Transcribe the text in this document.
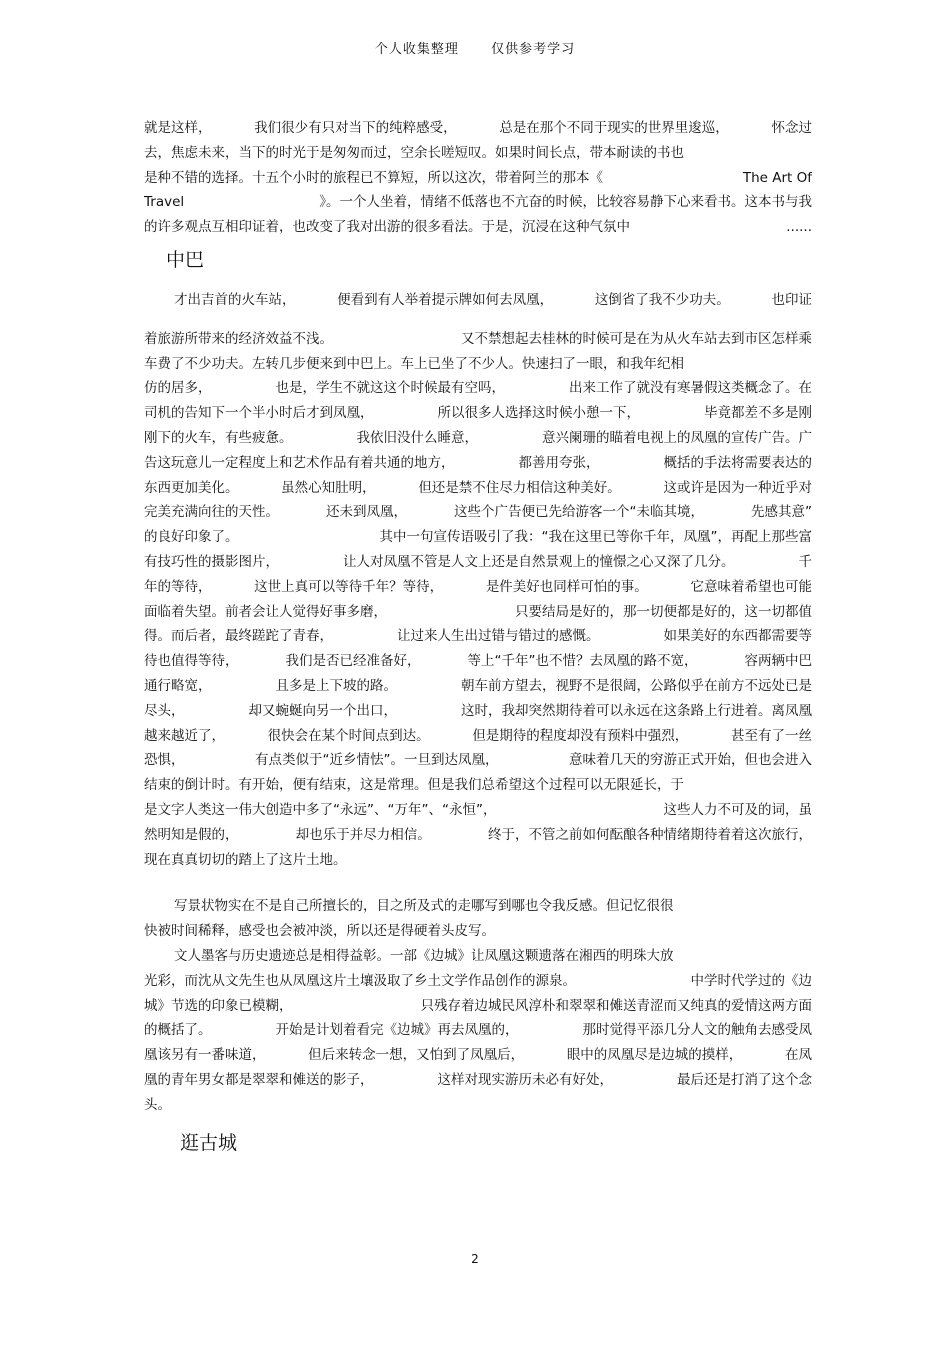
个人收集整理 仅供参考学习
就是这样，	我们很少有只对当下的纯粹感受，	总是在那个不同于现实的世界里逡巡，	怀念过
去，焦虑未来，当下的时光于是匆匆而过，空余长嗟短叹。如果时间长点，带本耐读的书也
是种不错的选择。十五个小时的旅程已不算短，所以这次，带着阿兰的那本《	The Art Of
Travel	》。一个人坐着，情绪不低落也不亢奋的时候，比较容易静下心来看书。这本书与我
的许多观点互相印证着，也改变了我对出游的很多看法。于是，沉浸在这种气氛中	......
中巴
才出吉首的火车站，	便看到有人举着提示牌如何去凤凰，	这倒省了我不少功夫。	也印证
着旅游所带来的经济效益不浅。	又不禁想起去桂林的时候可是在为从火车站去到市区怎样乘
车费了不少功夫。左转几步便来到中巴上。车上已坐了不少人。快速扫了一眼，和我年纪相
仿的居多，	也是，学生不就这这个时候最有空吗，	出来工作了就没有寒暑假这类概念了。在
司机的告知下一个半小时后才到凤凰，	所以很多人选择这时候小憩一下，	毕竟都差不多是刚
刚下的火车，有些疲惫。	我依旧没什么睡意，	意兴阑珊的瞄着电视上的凤凰的宣传广告。广
告这玩意儿一定程度上和艺术作品有着共通的地方，	都善用夸张，	概括的手法将需要表达的
东西更加美化。	虽然心知肚明，	但还是禁不住尽力相信这种美好。	这或许是因为一种近乎对
完美充满向往的天性。	还未到凤凰，	这些个广告便已先给游客一个“未临其境，	先感其意”
的良好印象了。	其中一句宣传语吸引了我：“我在这里已等你千年，凤凰”，再配上那些富
有技巧性的摄影图片，	让人对凤凰不管是人文上还是自然景观上的憧憬之心又深了几分。	千
年的等待，	这世上真可以等待千年？等待，	是件美好也同样可怕的事。	它意味着希望也可能
面临着失望。前者会让人觉得好事多磨，	只要结局是好的，那一切便都是好的，这一切都值
得。而后者，最终蹉跎了青春，	让过来人生出过错与错过的感慨。	如果美好的东西都需要等
待也值得等待，	我们是否已经准备好，	等上“千年”也不惜？去凤凰的路不宽，	容两辆中巴
通行略宽，	且多是上下坡的路。	朝车前方望去，视野不是很阔，公路似乎在前方不远处已是
尽头，	却又蜿蜒向另一个出口，	这时，我却突然期待着可以永远在这条路上行进着。离凤凰
越来越近了，	很快会在某个时间点到达。	但是期待的程度却没有预料中强烈，	甚至有了一丝
恐惧，	有点类似于“近乡情怯”。一旦到达凤凰，	意味着几天的穷游正式开始，但也会进入
结束的倒计时。有开始，便有结束，这是常理。但是我们总希望这个过程可以无限延长，于
是文字人类这一伟大创造中多了“永远”、“万年”、“永恒”，	这些人力不可及的词，虽
然明知是假的，	却也乐于并尽力相信。	终于，不管之前如何酝酿各种情绪期待着着这次旅行，
现在真真切切的踏上了这片土地。
写景状物实在不是自己所擅长的，目之所及式的走哪写到哪也令我反感。但记忆很很
快被时间稀释，感受也会被冲淡，所以还是得硬着头皮写。
文人墨客与历史遗迹总是相得益彰。一部《边城》让凤凰这颗遗落在湘西的明珠大放
光彩，而沈从文先生也从凤凰这片土壤汲取了乡土文学作品创作的源泉。	中学时代学过的《边
城》节选的印象已模糊，	只残存着边城民风淳朴和翠翠和傩送青涩而又纯真的爱情这两方面
的概括了。	开始是计划着看完《边城》再去凤凰的，	那时觉得平添几分人文的触角去感受凤
凰该另有一番味道，	但后来转念一想，又怕到了凤凰后，	眼中的凤凰尽是边城的摸样，	在凤
凰的青年男女都是翠翠和傩送的影子，	这样对现实游历未必有好处，	最后还是打消了这个念
头。
逛古城
2
